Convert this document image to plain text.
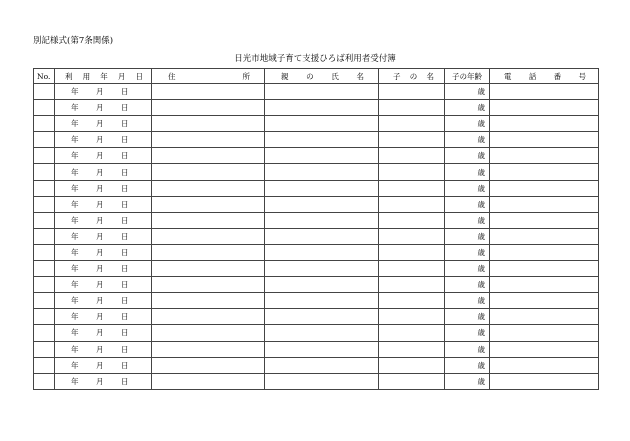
別記様式(第7条関係)
日光市地域子育て支援ひろば利用者受付簿
No.	利 用 年 月 日	住 所	親 の 氏 名	子 の 名	子の年齢	電 話 番 号

	年 月 日				歳	

	年 月 日				歳	

	年 月 日				歳	

	年 月 日				歳	

	年 月 日				歳	

	年 月 日				歳	

	年 月 日				歳	

	年 月 日				歳	

	年 月 日				歳	

	年 月 日				歳	

	年 月 日				歳	

	年 月 日				歳	

	年 月 日				歳	

	年 月 日				歳	

	年 月 日				歳	

	年 月 日				歳	

	年 月 日				歳	

	年 月 日				歳	

	年 月 日				歳	
